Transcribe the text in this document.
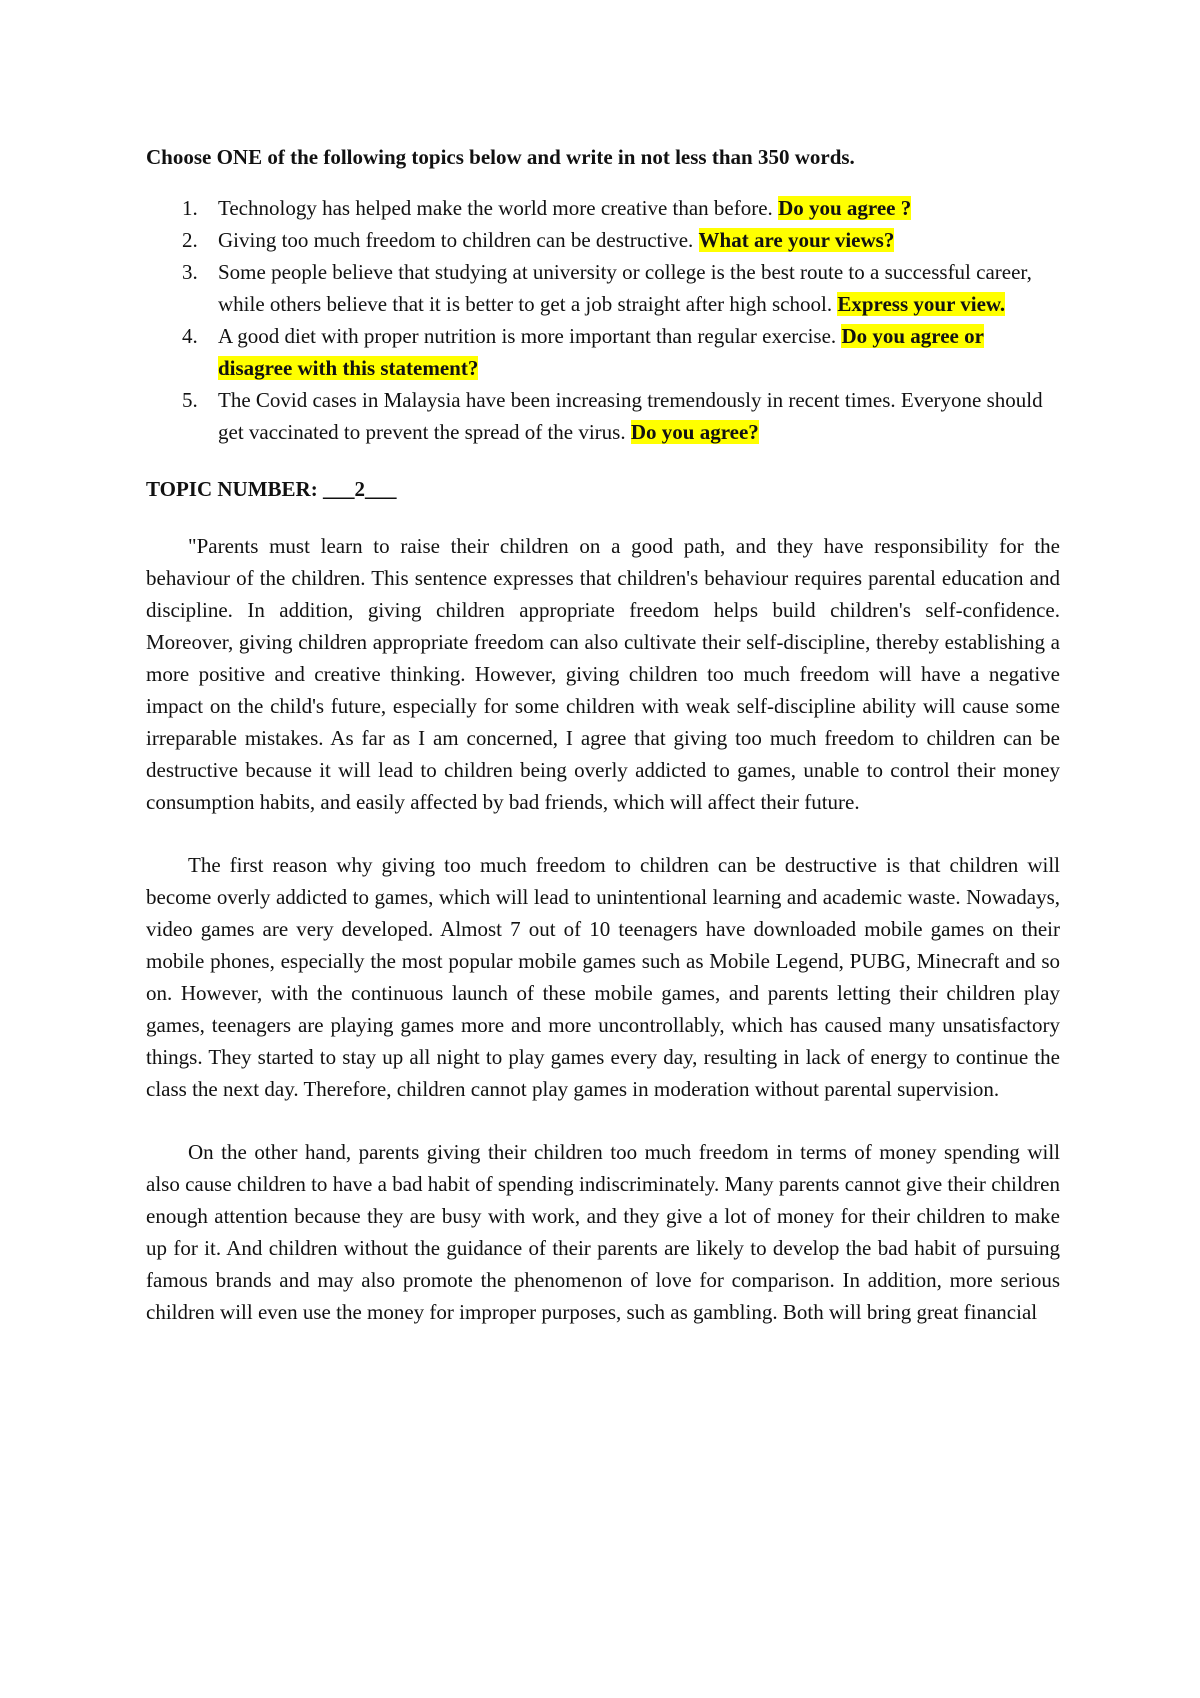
Choose ONE of the following topics below and write in not less than 350 words.

1. Technology has helped make the world more creative than before. Do you agree ?
2. Giving too much freedom to children can be destructive. What are your views?
3. Some people believe that studying at university or college is the best route to a successful career, while others believe that it is better to get a job straight after high school. Express your view.
4. A good diet with proper nutrition is more important than regular exercise. Do you agree or disagree with this statement?
5. The Covid cases in Malaysia have been increasing tremendously in recent times. Everyone should get vaccinated to prevent the spread of the virus. Do you agree?

TOPIC NUMBER: ___2___

"Parents must learn to raise their children on a good path, and they have responsibility for the behaviour of the children. This sentence expresses that children's behaviour requires parental education and discipline. In addition, giving children appropriate freedom helps build children's self-confidence. Moreover, giving children appropriate freedom can also cultivate their self-discipline, thereby establishing a more positive and creative thinking. However, giving children too much freedom will have a negative impact on the child's future, especially for some children with weak self-discipline ability will cause some irreparable mistakes. As far as I am concerned, I agree that giving too much freedom to children can be destructive because it will lead to children being overly addicted to games, unable to control their money consumption habits, and easily affected by bad friends, which will affect their future.

The first reason why giving too much freedom to children can be destructive is that children will become overly addicted to games, which will lead to unintentional learning and academic waste. Nowadays, video games are very developed. Almost 7 out of 10 teenagers have downloaded mobile games on their mobile phones, especially the most popular mobile games such as Mobile Legend, PUBG, Minecraft and so on. However, with the continuous launch of these mobile games, and parents letting their children play games, teenagers are playing games more and more uncontrollably, which has caused many unsatisfactory things. They started to stay up all night to play games every day, resulting in lack of energy to continue the class the next day. Therefore, children cannot play games in moderation without parental supervision.

On the other hand, parents giving their children too much freedom in terms of money spending will also cause children to have a bad habit of spending indiscriminately. Many parents cannot give their children enough attention because they are busy with work, and they give a lot of money for their children to make up for it. And children without the guidance of their parents are likely to develop the bad habit of pursuing famous brands and may also promote the phenomenon of love for comparison. In addition, more serious children will even use the money for improper purposes, such as gambling. Both will bring great financial
